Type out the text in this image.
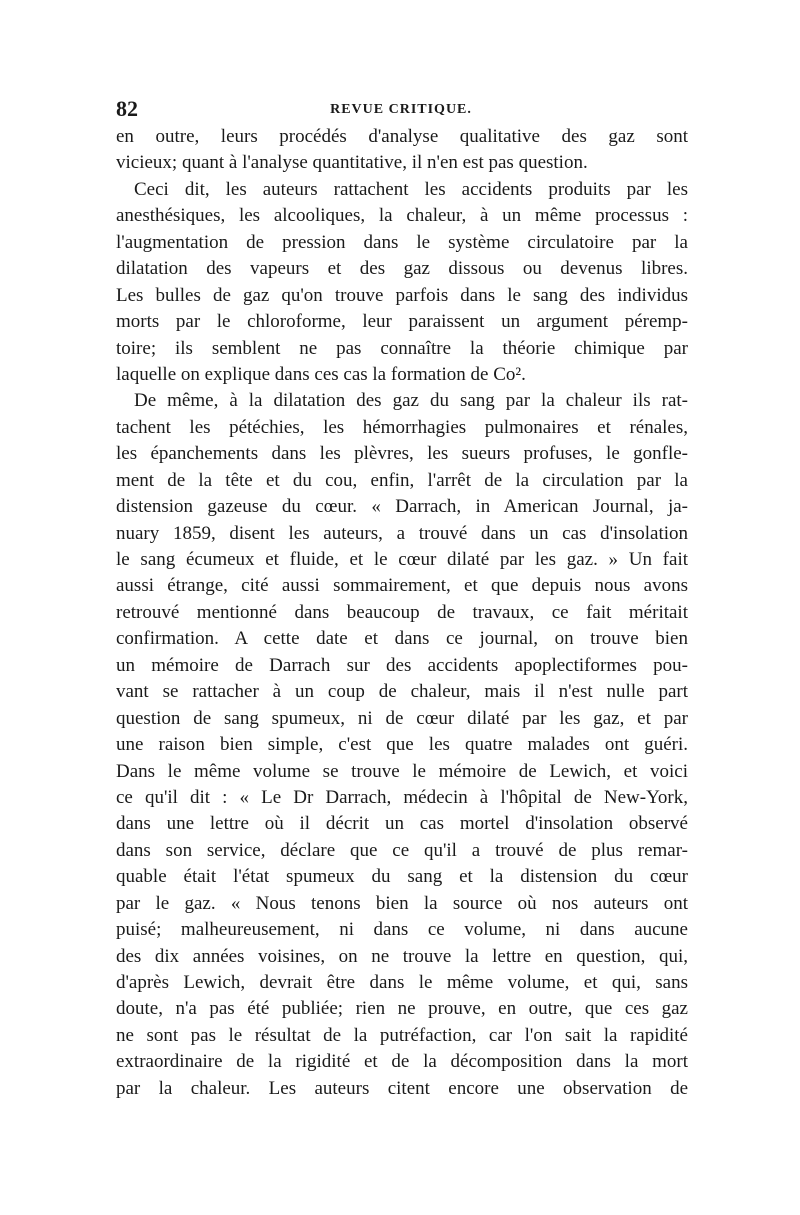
82	REVUE CRITIQUE.
en outre, leurs procédés d'analyse qualitative des gaz sont
vicieux; quant à l'analyse quantitative, il n'en est pas question.
Ceci dit, les auteurs rattachent les accidents produits par les
anesthésiques, les alcooliques, la chaleur, à un même processus :
l'augmentation de pression dans le système circulatoire par la
dilatation des vapeurs et des gaz dissous ou devenus libres.
Les bulles de gaz qu'on trouve parfois dans le sang des individus
morts par le chloroforme, leur paraissent un argument péremp-
toire; ils semblent ne pas connaître la théorie chimique par
laquelle on explique dans ces cas la formation de Co².
De même, à la dilatation des gaz du sang par la chaleur ils rat-
tachent les pétéchies, les hémorrhagies pulmonaires et rénales,
les épanchements dans les plèvres, les sueurs profuses, le gonfle-
ment de la tête et du cou, enfin, l'arrêt de la circulation par la
distension gazeuse du cœur. « Darrach, in American Journal, ja-
nuary 1859, disent les auteurs, a trouvé dans un cas d'insolation
le sang écumeux et fluide, et le cœur dilaté par les gaz. » Un fait
aussi étrange, cité aussi sommairement, et que depuis nous avons
retrouvé mentionné dans beaucoup de travaux, ce fait méritait
confirmation. A cette date et dans ce journal, on trouve bien
un mémoire de Darrach sur des accidents apoplectiformes pou-
vant se rattacher à un coup de chaleur, mais il n'est nulle part
question de sang spumeux, ni de cœur dilaté par les gaz, et par
une raison bien simple, c'est que les quatre malades ont guéri.
Dans le même volume se trouve le mémoire de Lewich, et voici
ce qu'il dit : « Le Dr Darrach, médecin à l'hôpital de New-York,
dans une lettre où il décrit un cas mortel d'insolation observé
dans son service, déclare que ce qu'il a trouvé de plus remar-
quable était l'état spumeux du sang et la distension du cœur
par le gaz. « Nous tenons bien la source où nos auteurs ont
puisé; malheureusement, ni dans ce volume, ni dans aucune
des dix années voisines, on ne trouve la lettre en question, qui,
d'après Lewich, devrait être dans le même volume, et qui, sans
doute, n'a pas été publiée; rien ne prouve, en outre, que ces gaz
ne sont pas le résultat de la putréfaction, car l'on sait la rapidité
extraordinaire de la rigidité et de la décomposition dans la mort
par la chaleur. Les auteurs citent encore une observation de
